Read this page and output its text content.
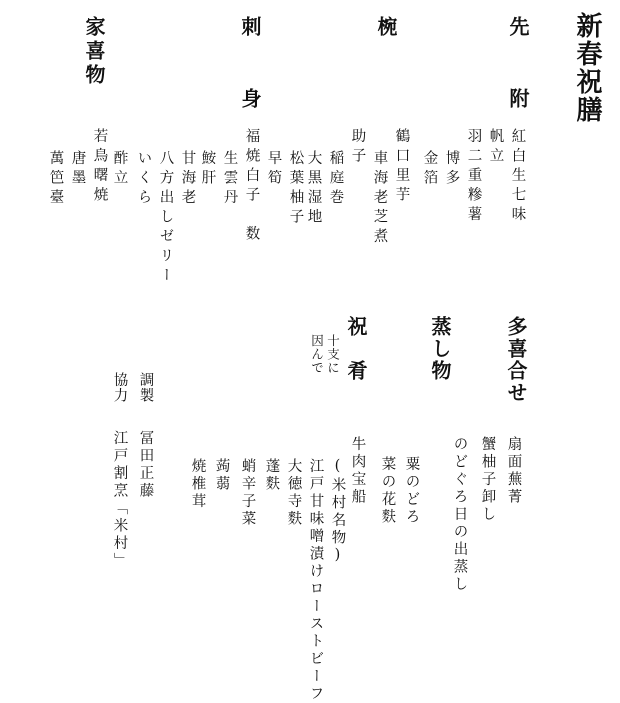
新春祝膳
先　　附
紅白生七味
帆立
羽二重糝薯
博多
金箔
椀
鶴口里芋
車海老芝煮
助子
稲庭巻
大黒湿地
刺　　身
松葉柚子
早筍
福焼白子　数
生雲丹
鮟肝
家喜物
甘海老
八方出しゼリー
いくら
酢立
若鳥曙焼
唐墨
萬笆臺
多喜合せ
扇面蕪菁
蟹柚子卸し
のどぐろ日の出蒸し
蒸し物
粟のどろ
菜の花麩
祝　肴
十支に
因んで
牛肉宝船
(米村名物)
江戸甘味噌漬けローストビーフ
大徳寺麩
蓬麩
蛸辛子菜
蒟蒻
焼椎茸
調製
協力
冨田正藤
江戸割烹「米村」
